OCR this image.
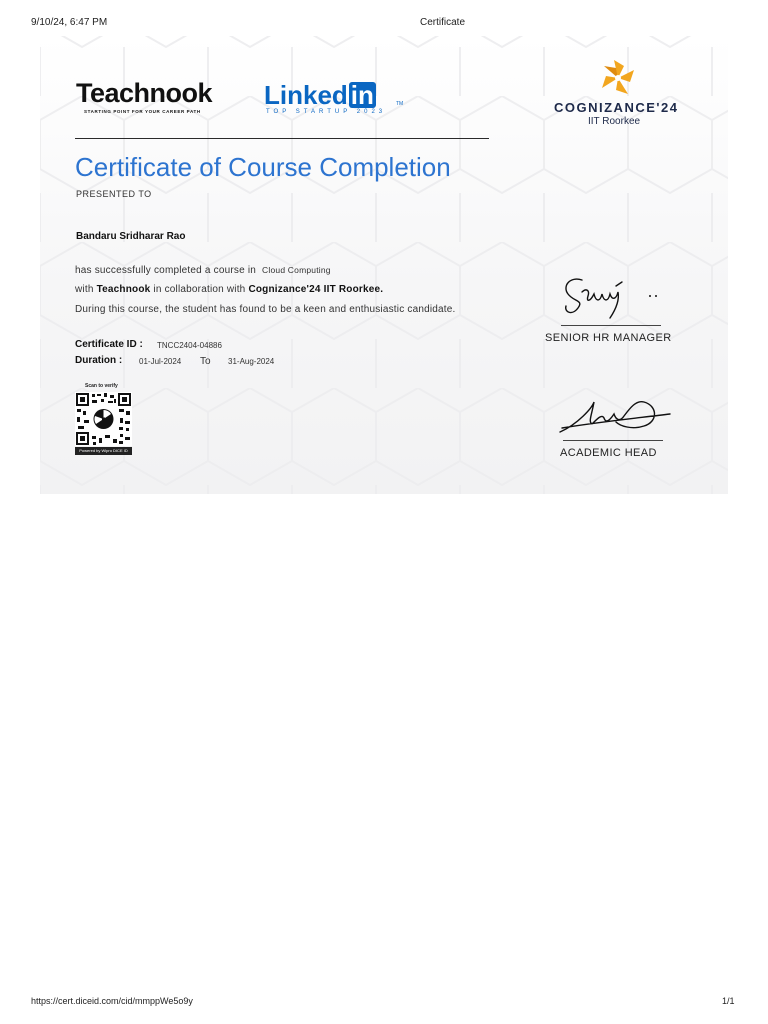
9/10/24, 6:47 PM	Certificate
Teachnook
STARTING POINT FOR YOUR CAREER PATH
Linked in	TM
TOP STARTUP 2023	COGNIZANCE'24
IIT Roorkee
Certificate of Course Completion
PRESENTED TO
Bandaru Sridharar Rao
has successfully completed a course in Cloud Computing
with Teachnook in collaboration with Cognizance'24 IIT Roorkee.
During this course, the student has found to be a keen and enthusiastic candidate.
Certificate ID : TNCC2404-04886
Duration : 01-Jul-2024 To 31-Aug-2024
Scan to verify
Powered by Wipro DICE ID
SENIOR HR MANAGER
ACADEMIC HEAD
https://cert.diceid.com/cid/mmppWe5o9y	1/1
